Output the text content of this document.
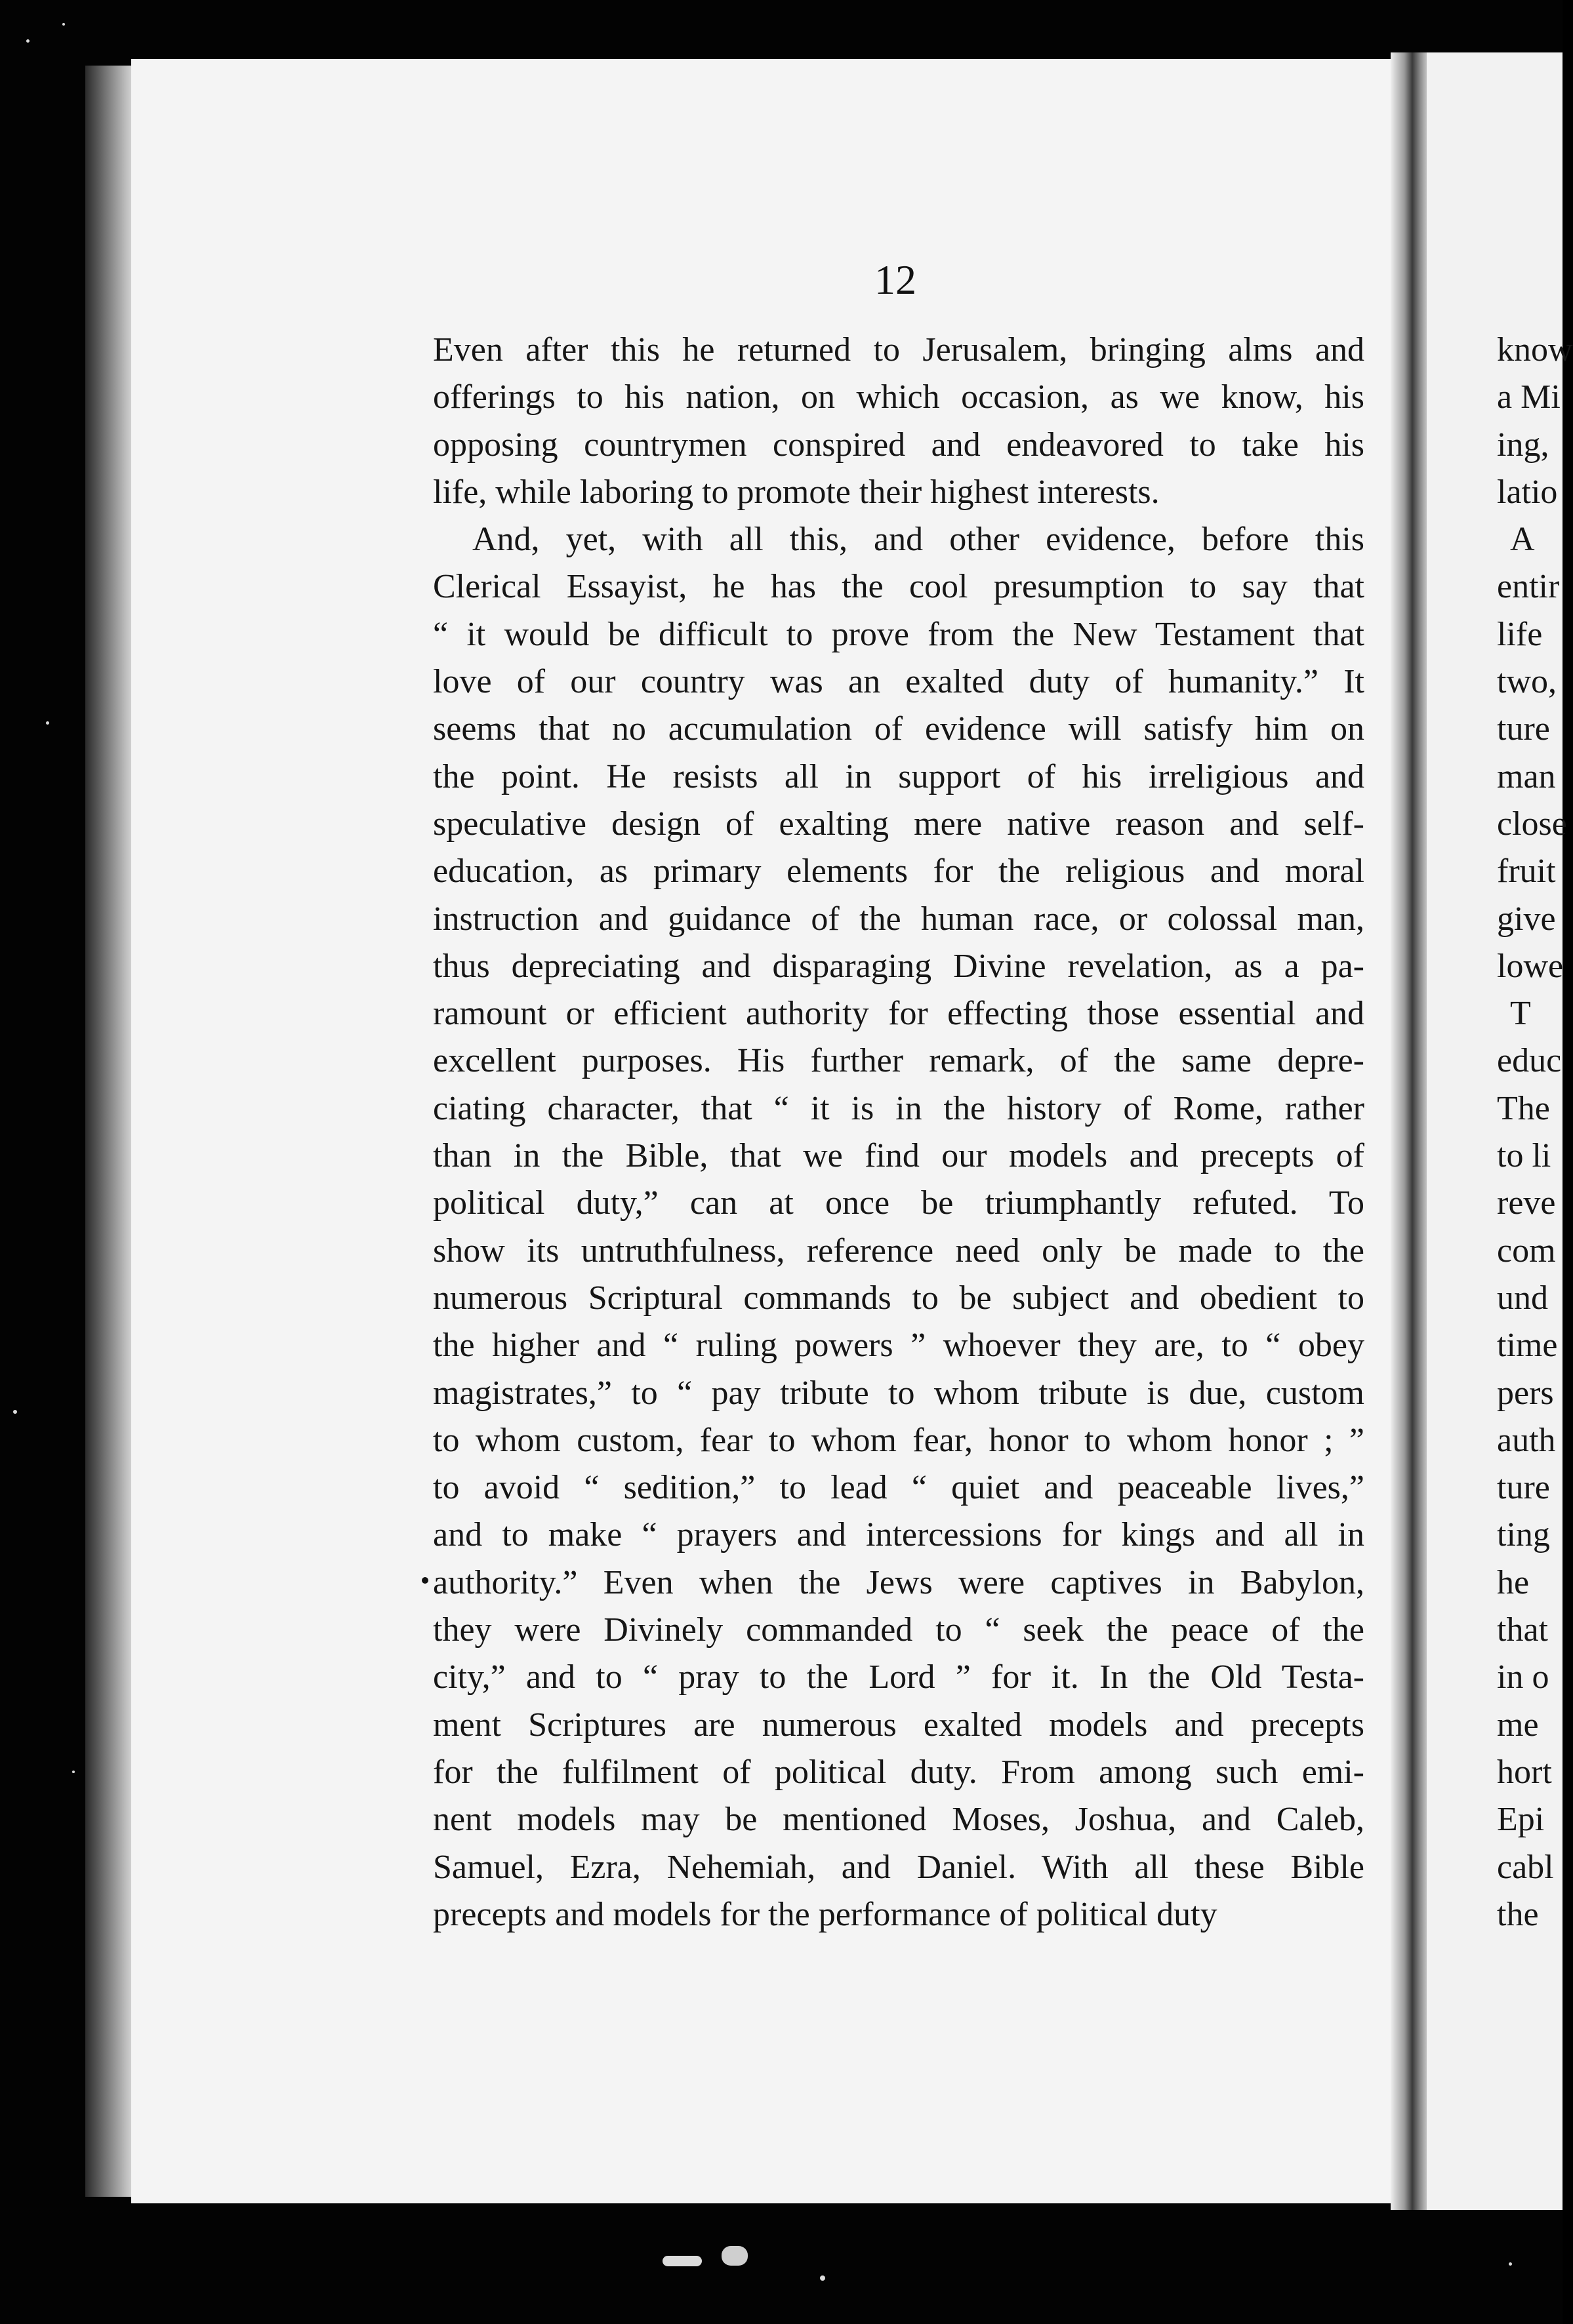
12
Even after this he returned to Jerusalem, bringing alms and
offerings to his nation, on which occasion, as we know, his
opposing countrymen conspired and endeavored to take his
life, while laboring to promote their highest interests.
And, yet, with all this, and other evidence, before this
Clerical Essayist, he has the cool presumption to say that
“ it would be difficult to prove from the New Testament that
love of our country was an exalted duty of humanity.” It
seems that no accumulation of evidence will satisfy him on
the point. He resists all in support of his irreligious and
speculative design of exalting mere native reason and self-
education, as primary elements for the religious and moral
instruction and guidance of the human race, or colossal man,
thus depreciating and disparaging Divine revelation, as a pa-
ramount or efficient authority for effecting those essential and
excellent purposes. His further remark, of the same depre-
ciating character, that “ it is in the history of Rome, rather
than in the Bible, that we find our models and precepts of
political duty,” can at once be triumphantly refuted. To
show its untruthfulness, reference need only be made to the
numerous Scriptural commands to be subject and obedient to
the higher and “ ruling powers ” whoever they are, to “ obey
magistrates,” to “ pay tribute to whom tribute is due, custom
to whom custom, fear to whom fear, honor to whom honor ; ”
to avoid “ sedition,” to lead “ quiet and peaceable lives,”
and to make “ prayers and intercessions for kings and all in
authority.” Even when the Jews were captives in Babylon,
they were Divinely commanded to “ seek the peace of the
city,” and to “ pray to the Lord ” for it. In the Old Testa-
ment Scriptures are numerous exalted models and precepts
for the fulfilment of political duty. From among such emi-
nent models may be mentioned Moses, Joshua, and Caleb,
Samuel, Ezra, Nehemiah, and Daniel. With all these Bible
precepts and models for the performance of political duty
know
a Mi
ing,
latio
A
entir
life
two,
ture
man
close
fruit
give
lowe
T
educ
The
to li
reve
com
und
time
pers
auth
ture
ting
he
that
in o
me
hort
Epi
cabl
the
